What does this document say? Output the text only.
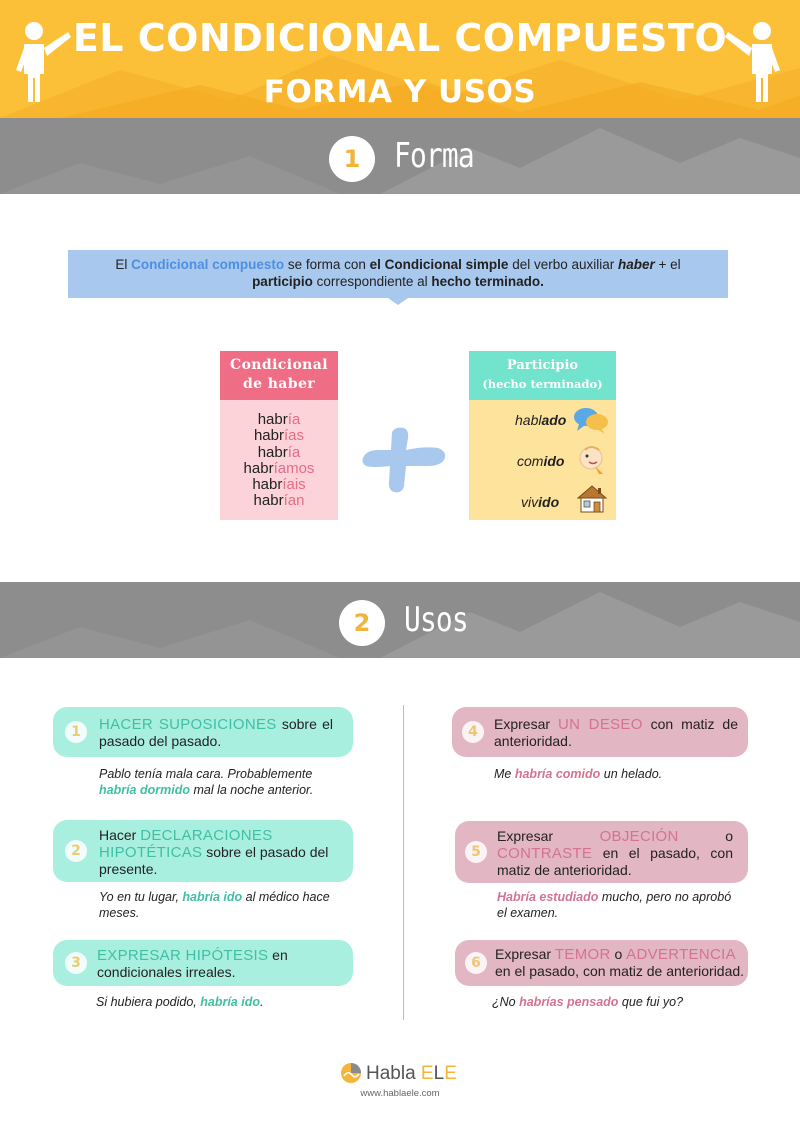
EL CONDICIONAL COMPUESTO
FORMA Y USOS
1 Forma
El Condicional compuesto se forma con el Condicional simple del verbo auxiliar haber + el participio correspondiente al hecho terminado.
Condicional
de haber
habría
habrías
habría
habríamos
habríais
habrían
Participio
(hecho terminado)
hablado
comido
vivido
2 Usos
1	HACER SUPOSICIONES sobre el pasado del pasado.
Pablo tenía mala cara. Probablemente habría dormido mal la noche anterior.
2
Hacer DECLARACIONES HIPOTÉTICAS sobre el pasado del presente.
Yo en tu lugar, habría ido al médico hace meses.
3	EXPRESAR HIPÓTESIS en condicionales irreales.
Si hubiera podido, habría ido.
4	Expresar UN DESEO con matiz de anterioridad.
Me habría comido un helado.
5
Expresar OBJECIÓN o CONTRASTE en el pasado, con matiz de anterioridad.
Habría estudiado mucho, pero no aprobó el examen.
6
Expresar TEMOR o ADVERTENCIA en el pasado, con matiz de anterioridad.
¿No habrías pensado que fui yo?
Habla ELE
www.hablaele.com
